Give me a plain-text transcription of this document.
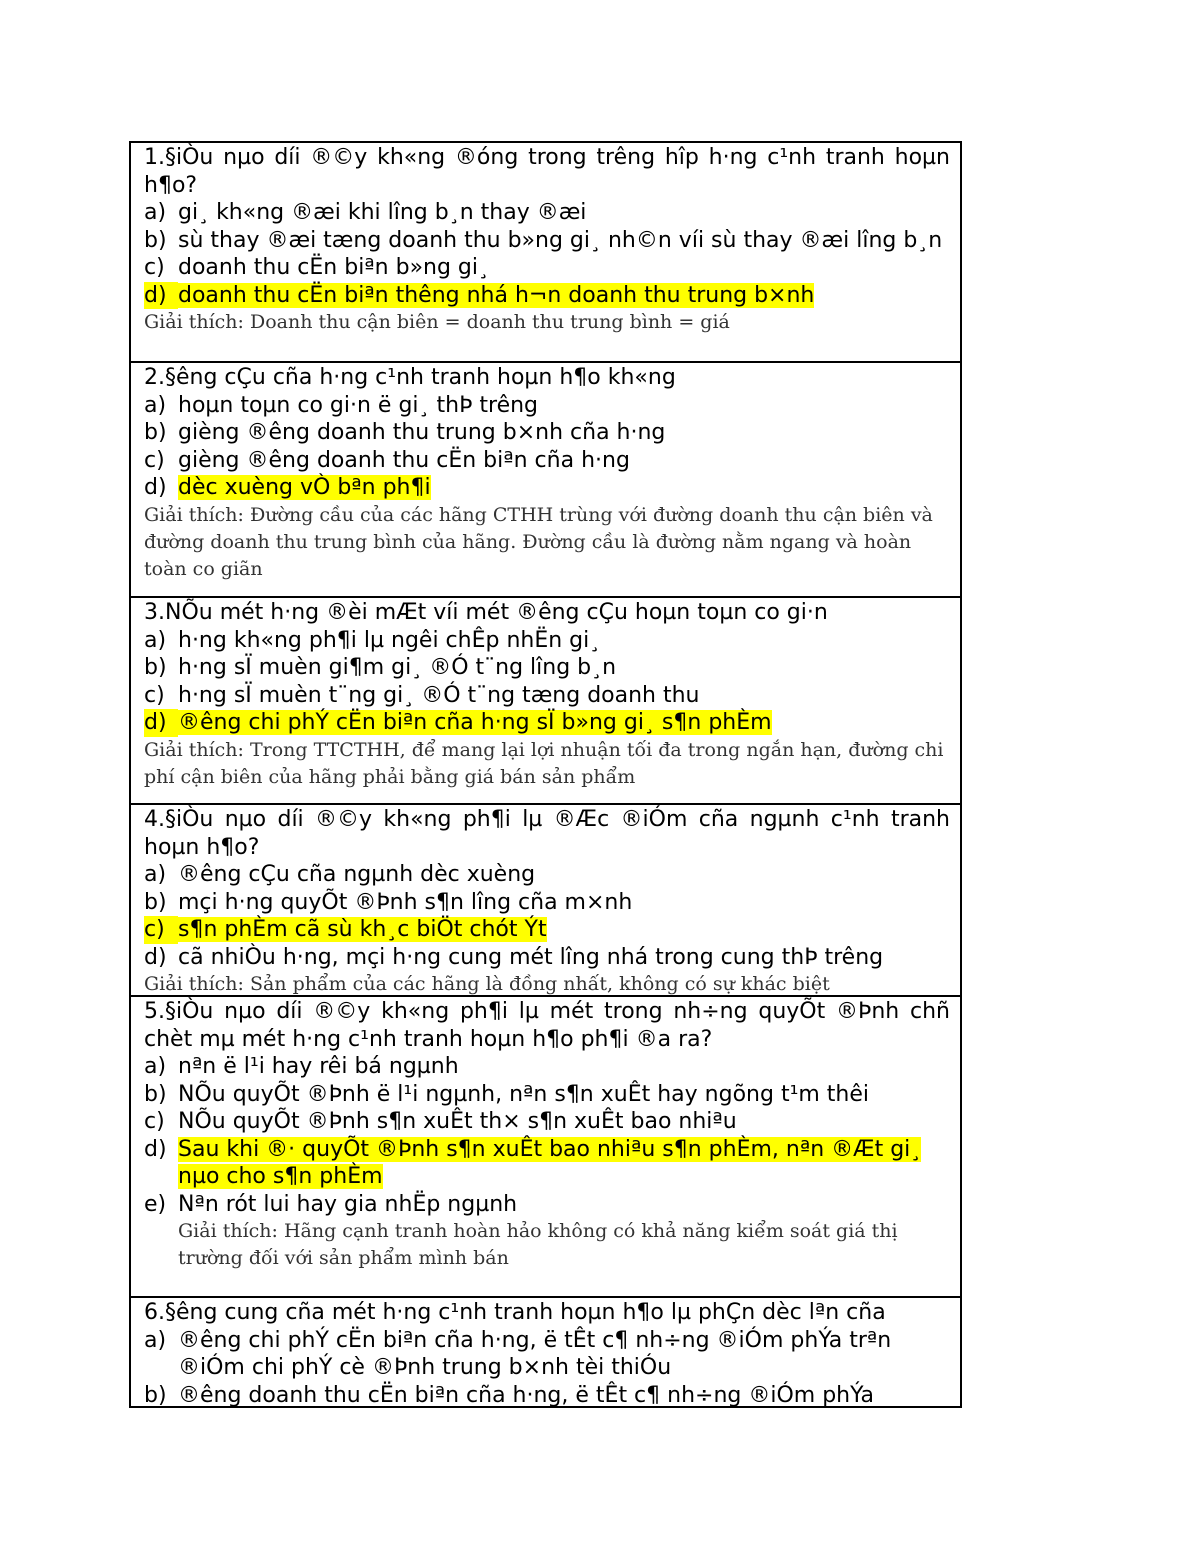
1.§iÒu nµo díi ®©y kh«ng ®óng trong trêng hîp h·ng c¹nh tranh hoµn h¶o?

a) gi¸ kh«ng ®æi khi lîng b¸n thay ®æi
b) sù thay ®æi tæng doanh thu b»ng gi¸ nh©n víi sù thay ®æi lîng b¸n
c) doanh thu cËn biªn b»ng gi¸
d) doanh thu cËn biªn thêng nhá h¬n doanh thu trung b×nh

Giải thích: Doanh thu cận biên = doanh thu trung bình = giá

2.§êng cÇu cña h·ng c¹nh tranh hoµn h¶o kh«ng

a) hoµn toµn co gi·n ë gi¸ thÞ trêng
b) gièng ®êng doanh thu trung b×nh cña h·ng
c) gièng ®êng doanh thu cËn biªn cña h·ng
d) dèc xuèng vÒ bªn ph¶i

Giải thích: Đường cầu của các hãng CTHH trùng với đường doanh thu cận biên và đường doanh thu trung bình của hãng. Đường cầu là đường nằm ngang và hoàn toàn co giãn

3.NÕu mét h·ng ®èi mÆt víi mét ®êng cÇu hoµn toµn co gi·n

a) h·ng kh«ng ph¶i lµ ngêi chÊp nhËn gi¸
b) h·ng sÏ muèn gi¶m gi¸ ®Ó t¨ng lîng b¸n
c) h·ng sÏ muèn t¨ng gi¸ ®Ó t¨ng tæng doanh thu
d) ®êng chi phÝ cËn biªn cña h·ng sÏ b»ng gi¸ s¶n phÈm

Giải thích: Trong TTCTHH, để mang lại lợi nhuận tối đa trong ngắn hạn, đường chi phí cận biên của hãng phải bằng giá bán sản phẩm

4.§iÒu nµo díi ®©y kh«ng ph¶i lµ ®Æc ®iÓm cña ngµnh c¹nh tranh hoµn h¶o?

a) ®êng cÇu cña ngµnh dèc xuèng
b) mçi h·ng quyÕt ®Þnh s¶n lîng cña m×nh
c) s¶n phÈm cã sù kh¸c biÖt chót Ýt
d) cã nhiÒu h·ng, mçi h·ng cung mét lîng nhá trong cung thÞ trêng

Giải thích: Sản phẩm của các hãng là đồng nhất, không có sự khác biệt

5.§iÒu nµo díi ®©y kh«ng ph¶i lµ mét trong nh÷ng quyÕt ®Þnh chñ chèt mµ mét h·ng c¹nh tranh hoµn h¶o ph¶i ®a ra?

a) nªn ë l¹i hay rêi bá ngµnh
b) NÕu quyÕt ®Þnh ë l¹i ngµnh, nªn s¶n xuÊt hay ngõng t¹m thêi
c) NÕu quyÕt ®Þnh s¶n xuÊt th× s¶n xuÊt bao nhiªu
d) Sau khi ®· quyÕt ®Þnh s¶n xuÊt bao nhiªu s¶n phÈm, nªn ®Æt gi¸ nµo cho s¶n phÈm
e) Nªn rót lui hay gia nhËp ngµnh

Giải thích: Hãng cạnh tranh hoàn hảo không có khả năng kiểm soát giá thị trường đối với sản phẩm mình bán

6.§êng cung cña mét h·ng c¹nh tranh hoµn h¶o lµ phÇn dèc lªn cña

a) ®êng chi phÝ cËn biªn cña h·ng, ë tÊt c¶ nh÷ng ®iÓm phÝa trªn ®iÓm chi phÝ cè ®Þnh trung b×nh tèi thiÓu
b) ®êng doanh thu cËn biªn cña h·ng, ë tÊt c¶ nh÷ng ®iÓm phÝa
